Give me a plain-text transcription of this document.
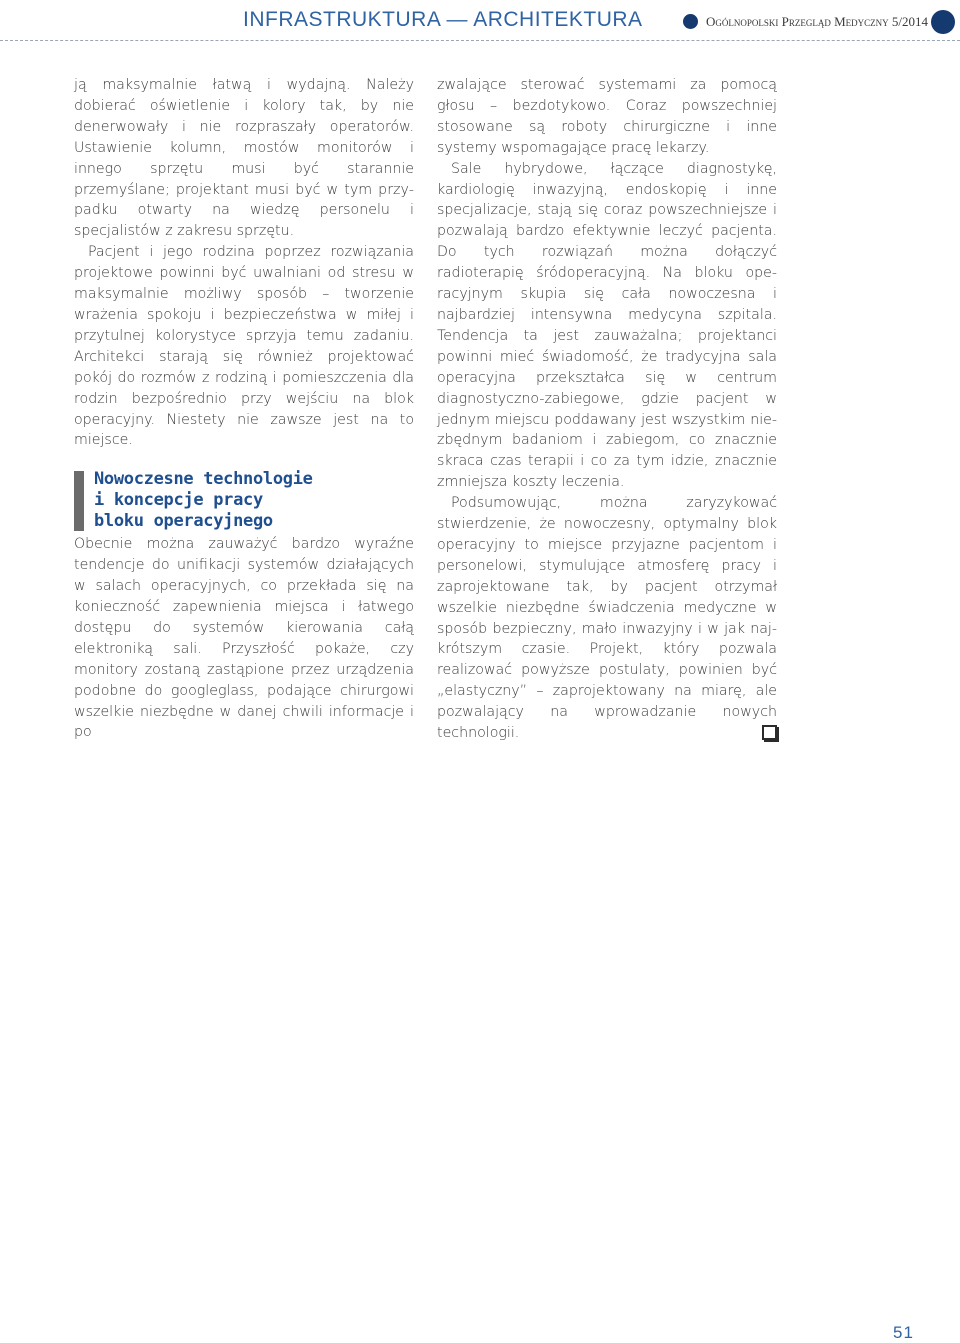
INFRASTRUKTURA — ARCHITEKTURA	Ogólnopolski Przegląd Medyczny 5/2014

ją maksymalnie łatwą i wydajną. Należy dobierać oświetlenie i kolory tak, by nie denerwowały i nie rozpraszały operatorów. Ustawienie kolumn, mostów monitorów i innego sprzętu musi być starannie przemyślane; projektant musi być w tym przypadku otwarty na wiedzę personelu i specjalistów z zakresu sprzętu.

Pacjent i jego rodzina poprzez rozwiązania projektowe powinni być uwalniani od stresu w maksymalnie możliwy sposób – tworzenie wrażenia spokoju i bezpieczeństwa w miłej i przytulnej kolorystyce sprzyja temu zadaniu. Architekci starają się również projektować pokój do rozmów z rodziną i pomieszczenia dla rodzin bezpośrednio przy wejściu na blok operacyjny. Niestety nie zawsze jest na to miejsce.

Nowoczesne technologie
i koncepcje pracy
bloku operacyjnego

Obecnie można zauważyć bardzo wyraźne tendencje do unifikacji systemów działających w salach operacyjnych, co przekłada się na konieczność zapewnienia miejsca i łatwego dostępu do systemów kierowania całą elektroniką sali. Przyszłość pokaże, czy monitory zostaną zastąpione przez urządzenia podobne do googleglass, podające chirurgowi wszelkie niezbędne w danej chwili informacje i po

zwalające sterować systemami za pomocą głosu – bezdotykowo. Coraz powszechniej stosowane są roboty chirurgiczne i inne systemy wspomagające pracę lekarzy.

Sale hybrydowe, łączące diagnostykę, kardiologię inwazyjną, endoskopię i inne specjalizacje, stają się coraz powszechniejsze i pozwalają bardzo efektywnie leczyć pacjenta. Do tych rozwiązań można dołączyć radioterapię śródoperacyjną. Na bloku operacyjnym skupia się cała nowoczesna i najbardziej intensywna medycyna szpitala. Tendencja ta jest zauważalna; projektanci powinni mieć świadomość, że tradycyjna sala operacyjna przekształca się w centrum diagnostyczno-zabiegowe, gdzie pacjent w jednym miejscu poddawany jest wszystkim niezbędnym badaniom i zabiegom, co znacznie skraca czas terapii i co za tym idzie, znacznie zmniejsza koszty leczenia.

Podsumowując, można zaryzykować stwierdzenie, że nowoczesny, optymalny blok operacyjny to miejsce przyjazne pacjentom i personelowi, stymulujące atmosferę pracy i zaprojektowane tak, by pacjent otrzymał wszelkie niezbędne świadczenia medyczne w sposób bezpieczny, mało inwazyjny i w jak najkrótszym czasie. Projekt, który pozwala realizować powyższe postulaty, powinien być „elastyczny” – zaprojektowany na miarę, ale pozwalający na wprowadzanie nowych technologii.

51
